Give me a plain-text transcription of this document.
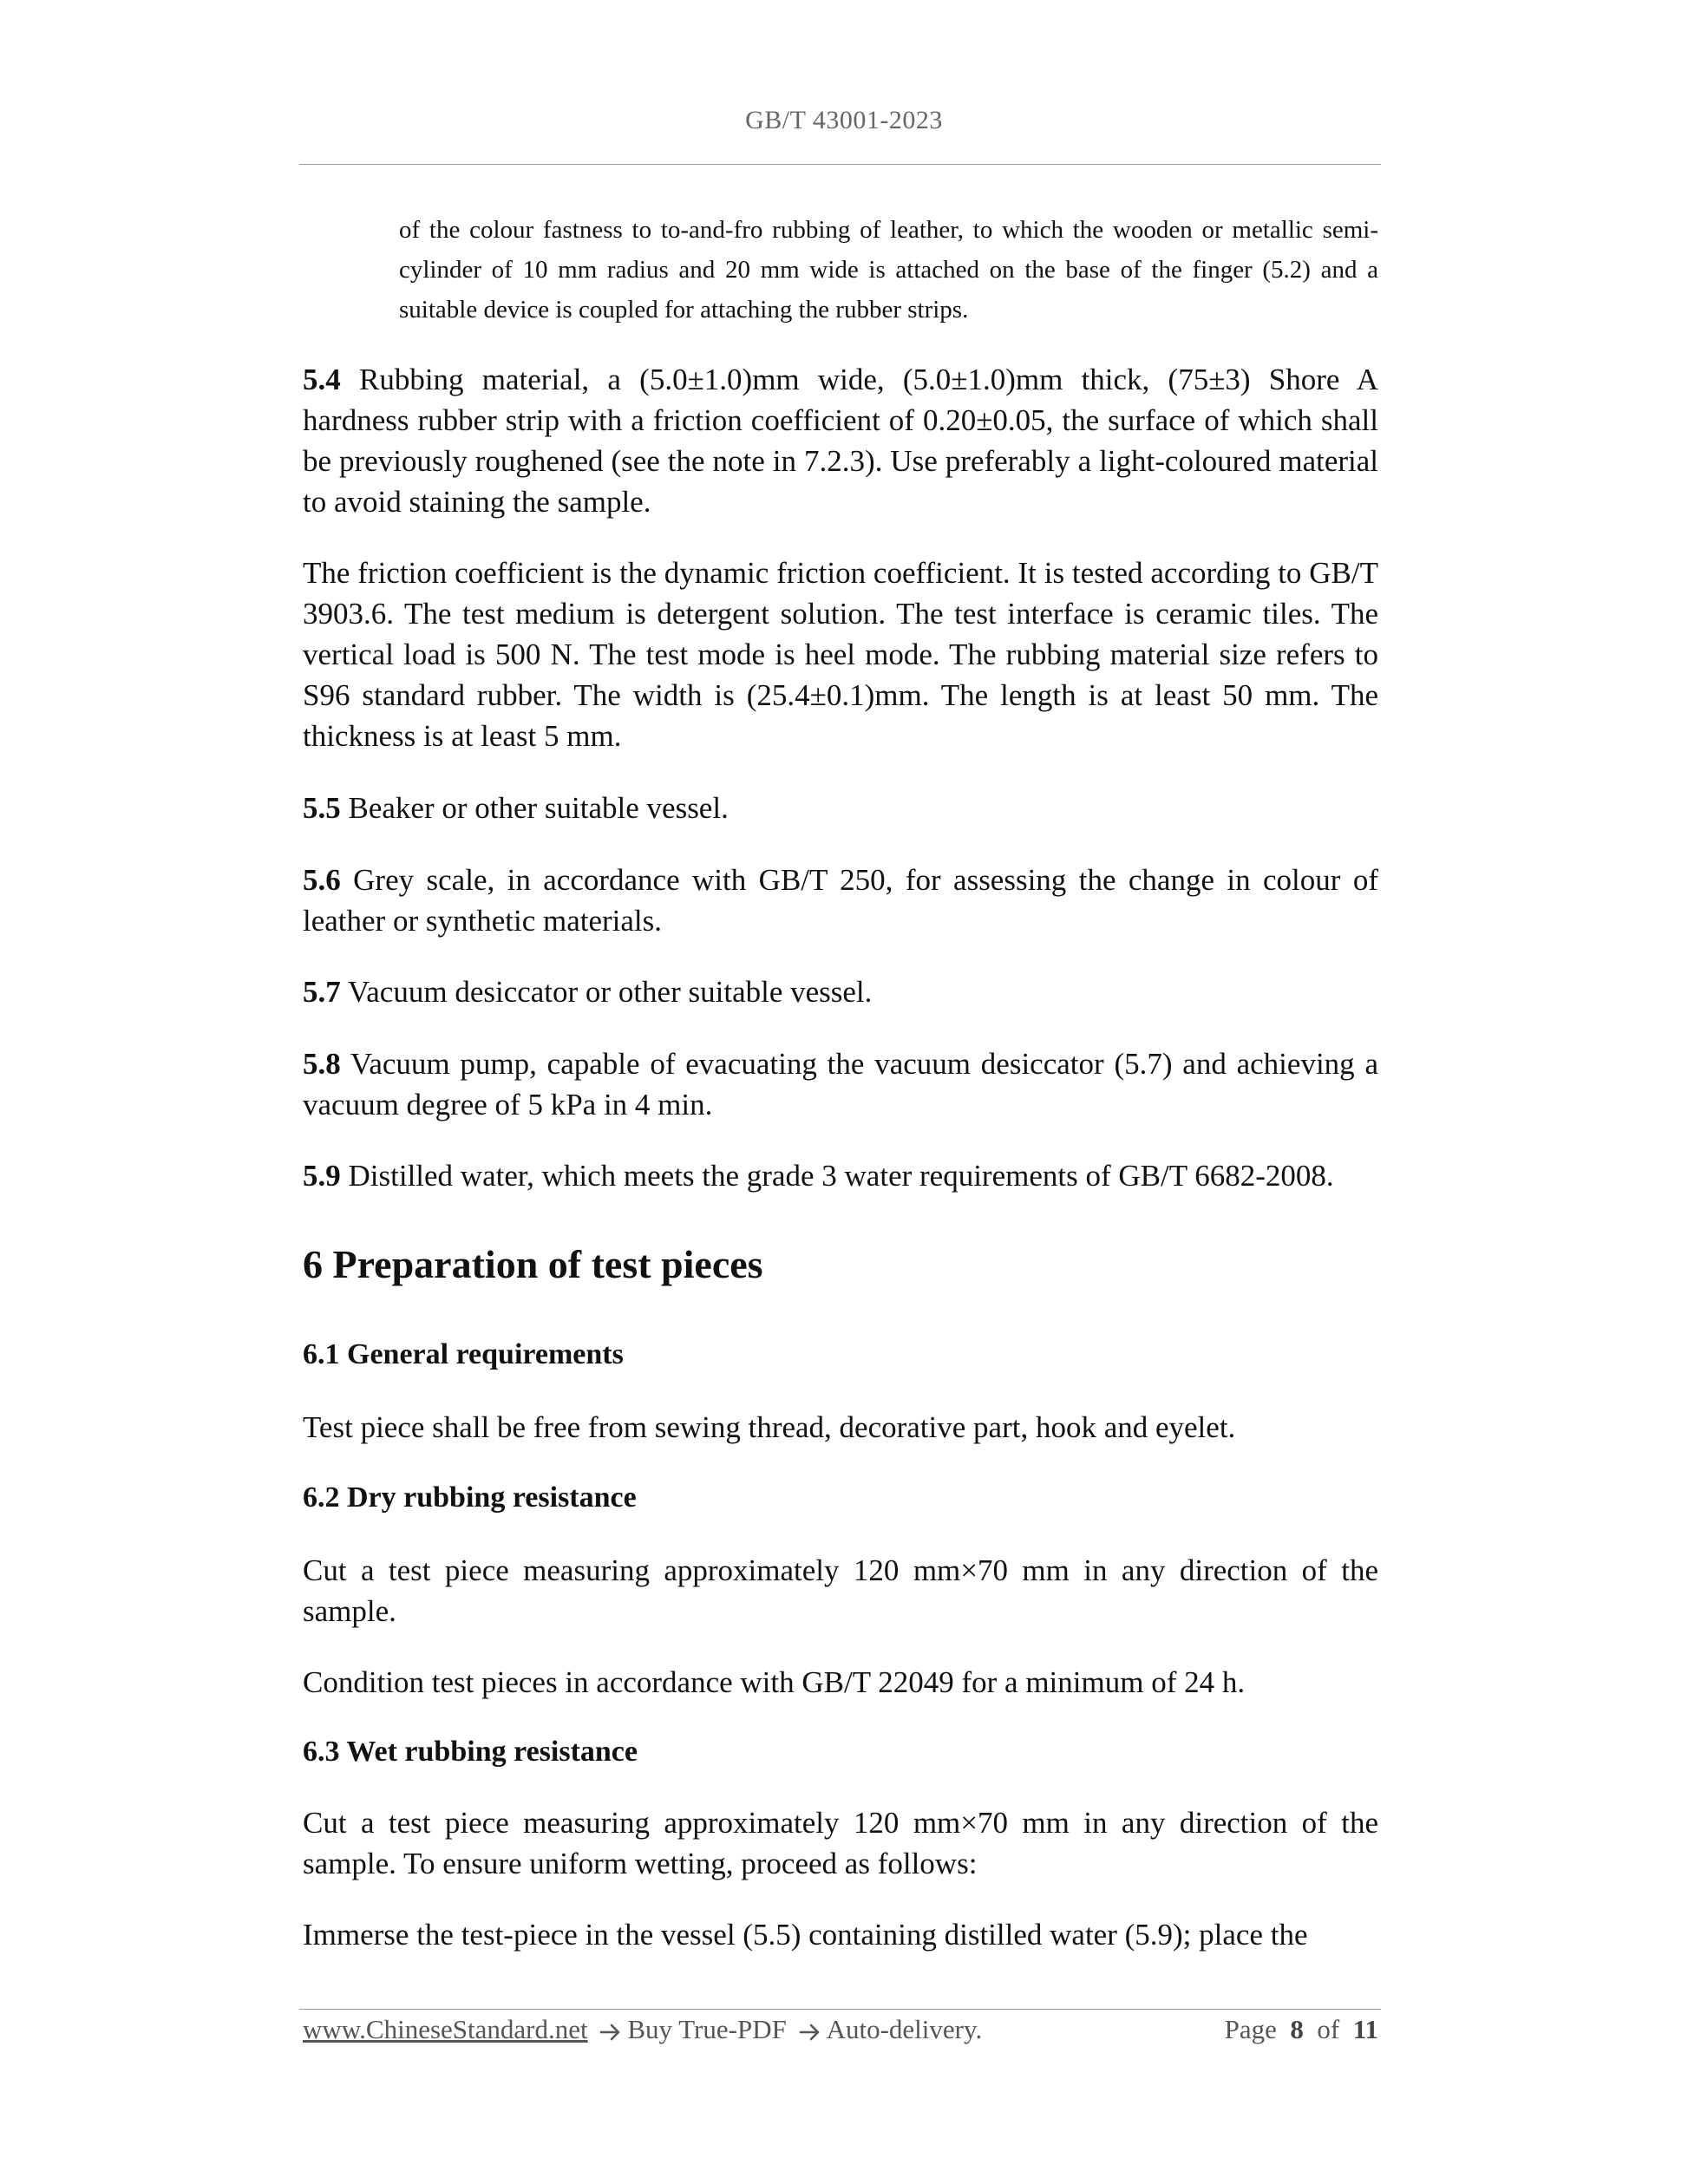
GB/T 43001-2023

of the colour fastness to to-and-fro rubbing of leather, to which the wooden or metallic semi-cylinder of 10 mm radius and 20 mm wide is attached on the base of the finger (5.2) and a suitable device is coupled for attaching the rubber strips.

5.4 Rubbing material, a (5.0±1.0)mm wide, (5.0±1.0)mm thick, (75±3) Shore A hardness rubber strip with a friction coefficient of 0.20±0.05, the surface of which shall be previously roughened (see the note in 7.2.3). Use preferably a light-coloured material to avoid staining the sample.

The friction coefficient is the dynamic friction coefficient. It is tested according to GB/T 3903.6. The test medium is detergent solution. The test interface is ceramic tiles. The vertical load is 500 N. The test mode is heel mode. The rubbing material size refers to S96 standard rubber. The width is (25.4±0.1)mm. The length is at least 50 mm. The thickness is at least 5 mm.

5.5 Beaker or other suitable vessel.

5.6 Grey scale, in accordance with GB/T 250, for assessing the change in colour of leather or synthetic materials.

5.7 Vacuum desiccator or other suitable vessel.

5.8 Vacuum pump, capable of evacuating the vacuum desiccator (5.7) and achieving a vacuum degree of 5 kPa in 4 min.

5.9 Distilled water, which meets the grade 3 water requirements of GB/T 6682-2008.

6 Preparation of test pieces
6.1 General requirements

Test piece shall be free from sewing thread, decorative part, hook and eyelet.

6.2 Dry rubbing resistance

Cut a test piece measuring approximately 120 mm×70 mm in any direction of the sample.

Condition test pieces in accordance with GB/T 22049 for a minimum of 24 h.

6.3 Wet rubbing resistance

Cut a test piece measuring approximately 120 mm×70 mm in any direction of the sample. To ensure uniform wetting, proceed as follows:

Immerse the test-piece in the vessel (5.5) containing distilled water (5.9); place the

www.ChineseStandard.net Buy True-PDF Auto-delivery.	Page 8 of 11
